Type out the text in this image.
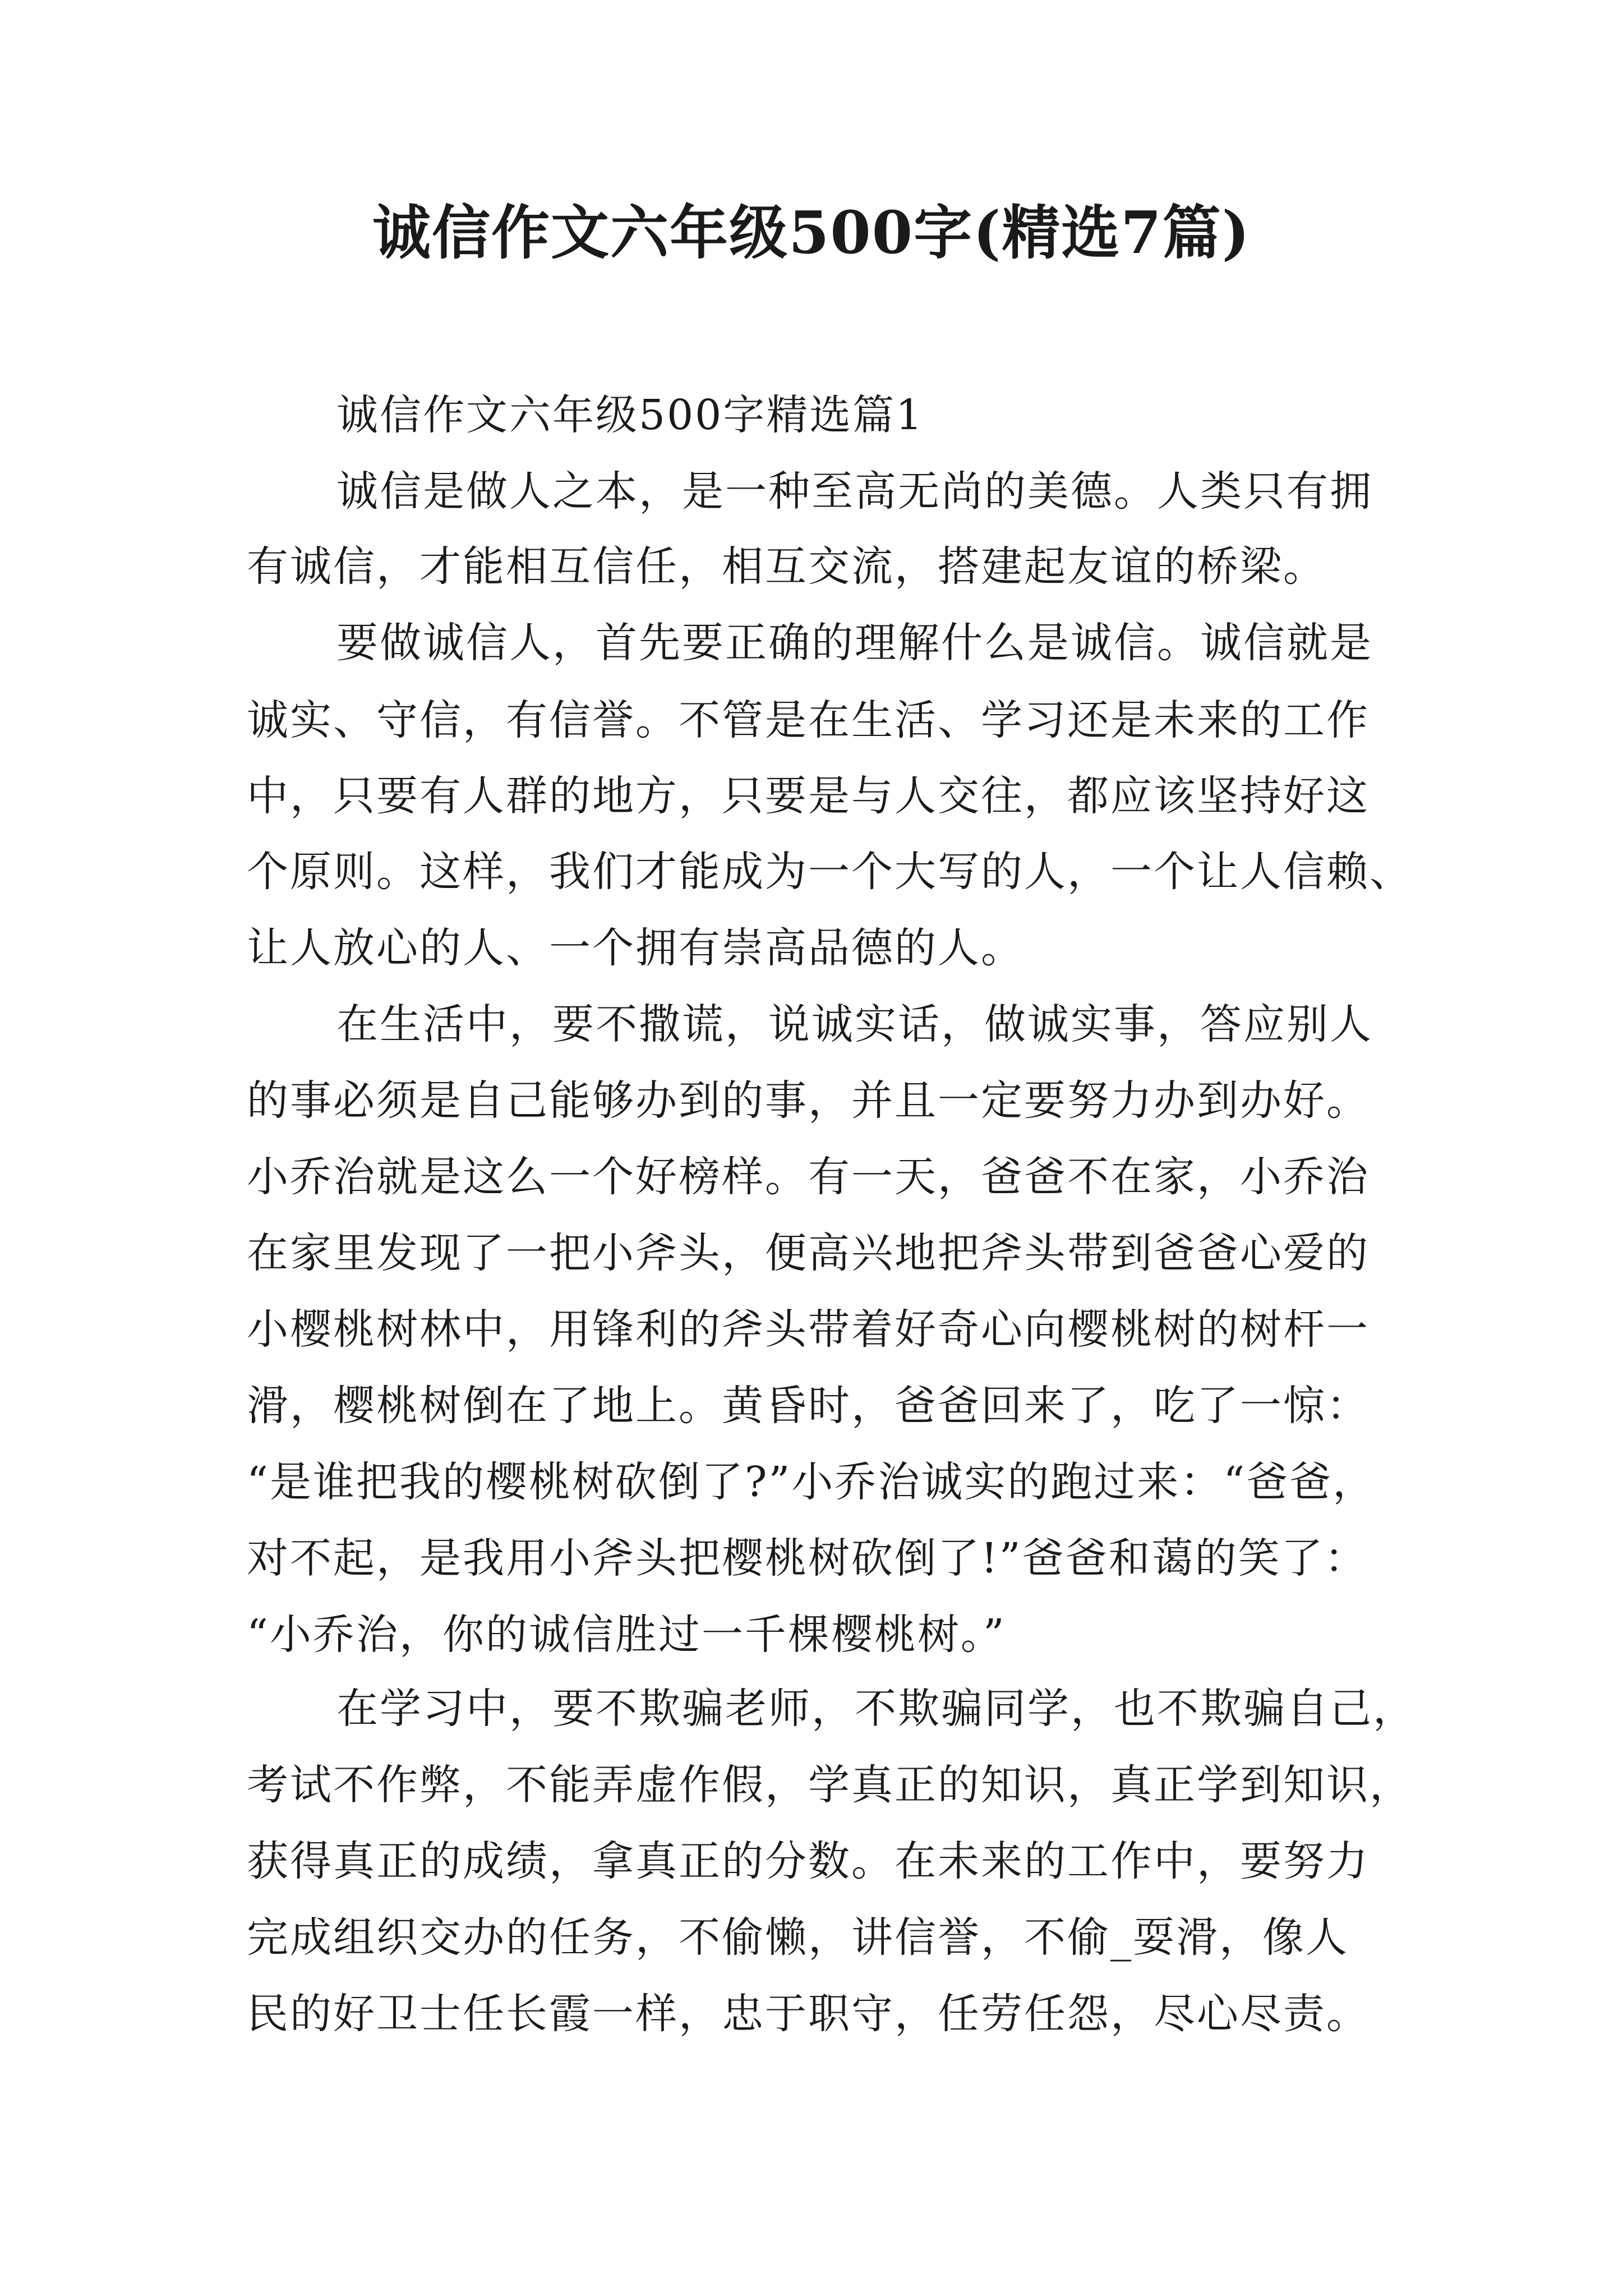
诚信作文六年级500字(精选7篇)
诚信作文六年级500字精选篇1
诚信是做人之本，是一种至高无尚的美德。人类只有拥
有诚信，才能相互信任，相互交流，搭建起友谊的桥梁。
要做诚信人，首先要正确的理解什么是诚信。诚信就是
诚实、守信，有信誉。不管是在生活、学习还是未来的工作
中，只要有人群的地方，只要是与人交往，都应该坚持好这
个原则。这样，我们才能成为一个大写的人，一个让人信赖、
让人放心的人、一个拥有崇高品德的人。
在生活中，要不撒谎，说诚实话，做诚实事，答应别人
的事必须是自己能够办到的事，并且一定要努力办到办好。
小乔治就是这么一个好榜样。有一天，爸爸不在家，小乔治
在家里发现了一把小斧头，便高兴地把斧头带到爸爸心爱的
小樱桃树林中，用锋利的斧头带着好奇心向樱桃树的树杆一
滑，樱桃树倒在了地上。黄昏时，爸爸回来了，吃了一惊：
“是谁把我的樱桃树砍倒了?”小乔治诚实的跑过来：“爸爸，
对不起，是我用小斧头把樱桃树砍倒了!”爸爸和蔼的笑了：
“小乔治，你的诚信胜过一千棵樱桃树。”
在学习中，要不欺骗老师，不欺骗同学，也不欺骗自己，
考试不作弊，不能弄虚作假，学真正的知识，真正学到知识，
获得真正的成绩，拿真正的分数。在未来的工作中，要努力
完成组织交办的任务，不偷懒，讲信誉，不偷_耍滑，像人
民的好卫士任长霞一样，忠于职守，任劳任怨，尽心尽责。
